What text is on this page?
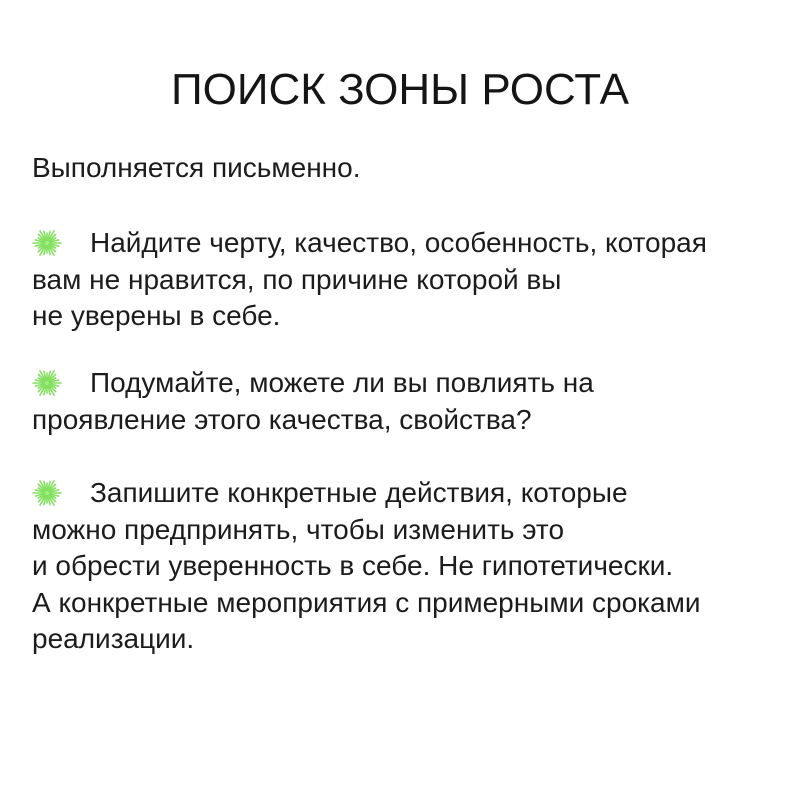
ПОИСК ЗОНЫ РОСТА
Выполняется письменно.
Найдите черту, качество, особенность, которая
вам не нравится, по причине которой вы
не уверены в себе.
Подумайте, можете ли вы повлиять на
проявление этого качества, свойства?
Запишите конкретные действия, которые
можно предпринять, чтобы изменить это
и обрести уверенность в себе. Не гипотетически.
А конкретные мероприятия с примерными сроками
реализации.
